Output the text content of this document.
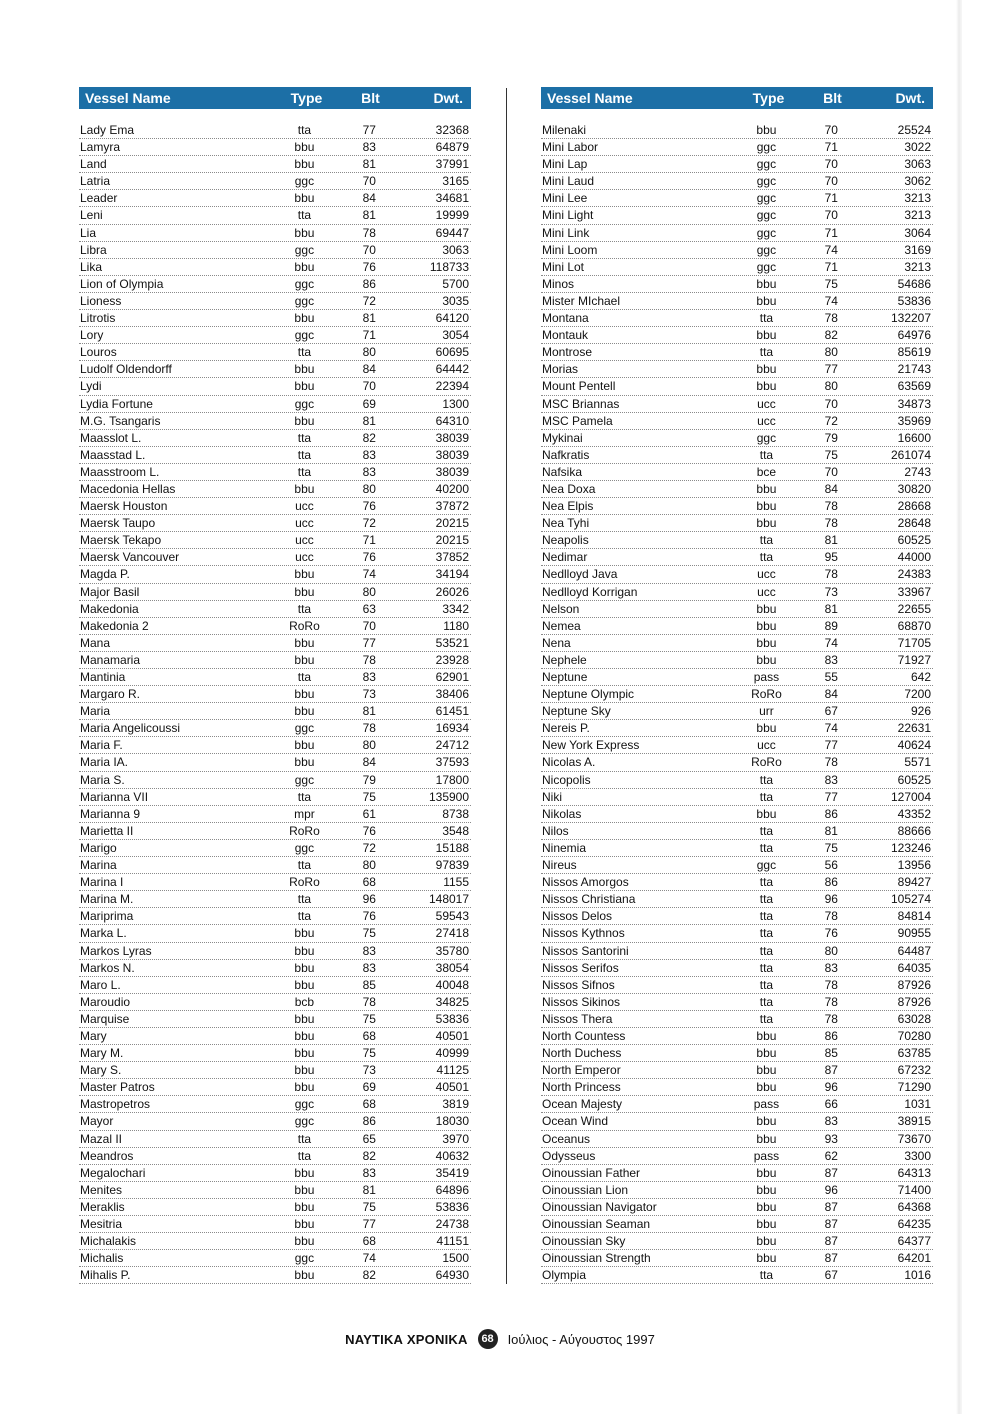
Vessel Name	Type	Blt	Dwt.
Lady Ema	tta	77	32368
Lamyra	bbu	83	64879
Land	bbu	81	37991
Latria	ggc	70	3165
Leader	bbu	84	34681
Leni	tta	81	19999
Lia	bbu	78	69447
Libra	ggc	70	3063
Lika	bbu	76	118733
Lion of Olympia	ggc	86	5700
Lioness	ggc	72	3035
Litrotis	bbu	81	64120
Lory	ggc	71	3054
Louros	tta	80	60695
Ludolf Oldendorff	bbu	84	64442
Lydi	bbu	70	22394
Lydia Fortune	ggc	69	1300
M.G. Tsangaris	bbu	81	64310
Maasslot L.	tta	82	38039
Maasstad L.	tta	83	38039
Maasstroom L.	tta	83	38039
Macedonia Hellas	bbu	80	40200
Maersk Houston	ucc	76	37872
Maersk Taupo	ucc	72	20215
Maersk Tekapo	ucc	71	20215
Maersk Vancouver	ucc	76	37852
Magda P.	bbu	74	34194
Major Basil	bbu	80	26026
Makedonia	tta	63	3342
Makedonia 2	RoRo	70	1180
Mana	bbu	77	53521
Manamaria	bbu	78	23928
Mantinia	tta	83	62901
Margaro R.	bbu	73	38406
Maria	bbu	81	61451
Maria Angelicoussi	ggc	78	16934
Maria F.	bbu	80	24712
Maria IA.	bbu	84	37593
Maria S.	ggc	79	17800
Marianna VII	tta	75	135900
Marianna 9	mpr	61	8738
Marietta II	RoRo	76	3548
Marigo	ggc	72	15188
Marina	tta	80	97839
Marina I	RoRo	68	1155
Marina M.	tta	96	148017
Mariprima	tta	76	59543
Marka L.	bbu	75	27418
Markos Lyras	bbu	83	35780
Markos N.	bbu	83	38054
Maro L.	bbu	85	40048
Maroudio	bcb	78	34825
Marquise	bbu	75	53836
Mary	bbu	68	40501
Mary M.	bbu	75	40999
Mary S.	bbu	73	41125
Master Patros	bbu	69	40501
Mastropetros	ggc	68	3819
Mayor	ggc	86	18030
Mazal II	tta	65	3970
Meandros	tta	82	40632
Megalochari	bbu	83	35419
Menites	bbu	81	64896
Meraklis	bbu	75	53836
Mesitria	bbu	77	24738
Michalakis	bbu	68	41151
Michalis	ggc	74	1500
Mihalis P.	bbu	82	64930
Vessel Name	Type	Blt	Dwt.
Milenaki	bbu	70	25524
Mini Labor	ggc	71	3022
Mini Lap	ggc	70	3063
Mini Laud	ggc	70	3062
Mini Lee	ggc	71	3213
Mini Light	ggc	70	3213
Mini Link	ggc	71	3064
Mini Loom	ggc	74	3169
Mini Lot	ggc	71	3213
Minos	bbu	75	54686
Mister MIchael	bbu	74	53836
Montana	tta	78	132207
Montauk	bbu	82	64976
Montrose	tta	80	85619
Morias	bbu	77	21743
Mount Pentell	bbu	80	63569
MSC Briannas	ucc	70	34873
MSC Pamela	ucc	72	35969
Mykinai	ggc	79	16600
Nafkratis	tta	75	261074
Nafsika	bce	70	2743
Nea Doxa	bbu	84	30820
Nea Elpis	bbu	78	28668
Nea Tyhi	bbu	78	28648
Neapolis	tta	81	60525
Nedimar	tta	95	44000
Nedlloyd Java	ucc	78	24383
Nedlloyd Korrigan	ucc	73	33967
Nelson	bbu	81	22655
Nemea	bbu	89	68870
Nena	bbu	74	71705
Nephele	bbu	83	71927
Neptune	pass	55	642
Neptune Olympic	RoRo	84	7200
Neptune Sky	urr	67	926
Nereis P.	bbu	74	22631
New York Express	ucc	77	40624
Nicolas A.	RoRo	78	5571
Nicopolis	tta	83	60525
Niki	tta	77	127004
Nikolas	bbu	86	43352
Nilos	tta	81	88666
Ninemia	tta	75	123246
Nireus	ggc	56	13956
Nissos Amorgos	tta	86	89427
Nissos Christiana	tta	96	105274
Nissos Delos	tta	78	84814
Nissos Kythnos	tta	76	90955
Nissos Santorini	tta	80	64487
Nissos Serifos	tta	83	64035
Nissos Sifnos	tta	78	87926
Nissos Sikinos	tta	78	87926
Nissos Thera	tta	78	63028
North Countess	bbu	86	70280
North Duchess	bbu	85	63785
North Emperor	bbu	87	67232
North Princess	bbu	96	71290
Ocean Majesty	pass	66	1031
Ocean Wind	bbu	83	38915
Oceanus	bbu	93	73670
Odysseus	pass	62	3300
Oinoussian Father	bbu	87	64313
Oinoussian Lion	bbu	96	71400
Oinoussian Navigator	bbu	87	64368
Oinoussian Seaman	bbu	87	64235
Oinoussian Sky	bbu	87	64377
Oinoussian Strength	bbu	87	64201
Olympia	tta	67	1016
ΝΑΥΤΙΚΑ ΧΡΟΝΙΚΑ	68 Ιούλιος - Αύγουστος 1997
